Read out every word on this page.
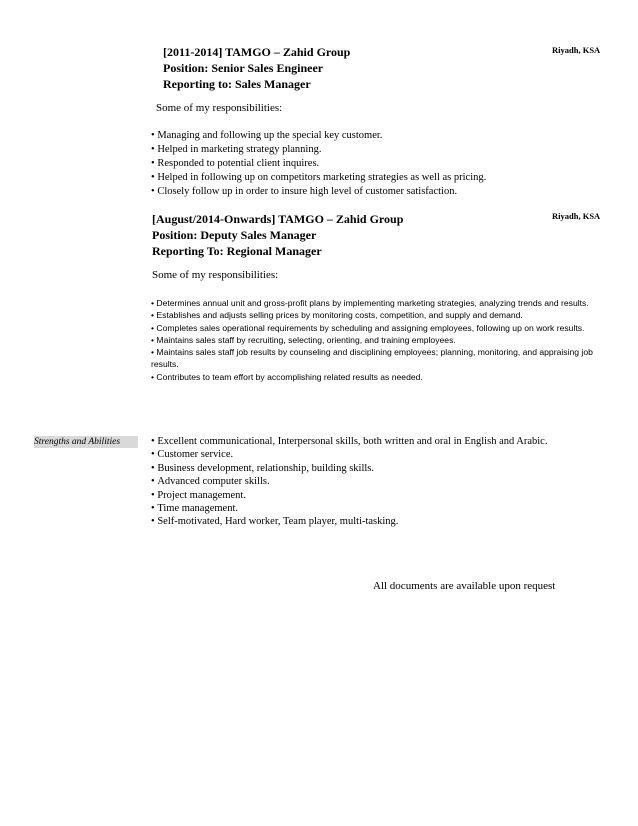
[2011-2014] TAMGO – Zahid Group
Position: Senior Sales Engineer
Reporting to: Sales Manager
Riyadh, KSA
Some of my responsibilities:
• Managing and following up the special key customer.
• Helped in marketing strategy planning.
• Responded to potential client inquires.
• Helped in following up on competitors marketing strategies as well as pricing.
• Closely follow up in order to insure high level of customer satisfaction.
[August/2014-Onwards] TAMGO – Zahid Group
Position: Deputy Sales Manager
Reporting To: Regional Manager
Riyadh, KSA
Some of my responsibilities:
• Determines annual unit and gross-profit plans by implementing marketing strategies, analyzing trends and results.
• Establishes and adjusts selling prices by monitoring costs, competition, and supply and demand.
• Completes sales operational requirements by scheduling and assigning employees, following up on work results.
• Maintains sales staff by recruiting, selecting, orienting, and training employees.
• Maintains sales staff job results by counseling and disciplining employees; planning, monitoring, and appraising job results.
• Contributes to team effort by accomplishing related results as needed.
Strengths and Abilities
•	Excellent communicational, Interpersonal skills, both written and oral in English and Arabic.
• Customer service.
• Business development, relationship, building skills.
• Advanced computer skills.
• Project management.
• Time management.
• Self-motivated, Hard worker, Team player, multi-tasking.
All documents are available upon request
